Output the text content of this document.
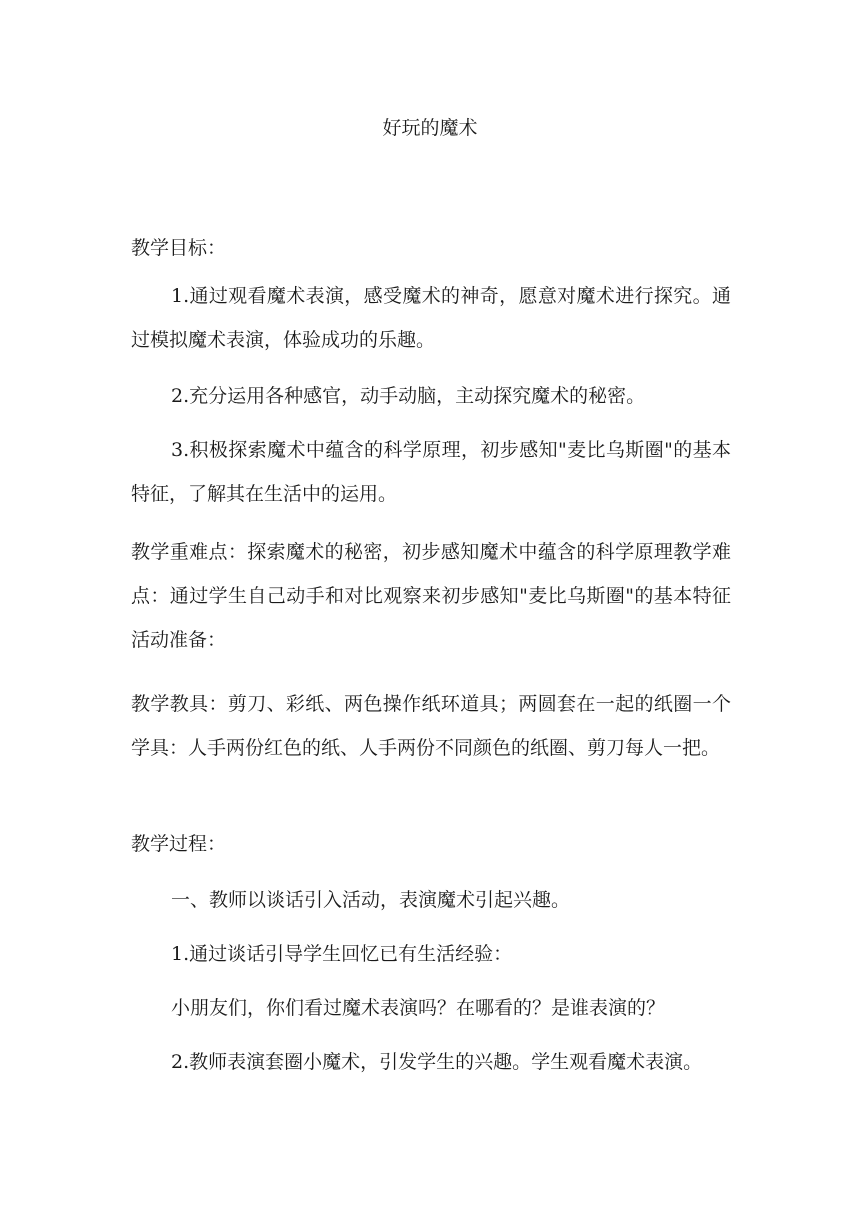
好玩的魔术

教学目标：

1.通过观看魔术表演，感受魔术的神奇，愿意对魔术进行探究。通过模拟魔术表演，体验成功的乐趣。

2.充分运用各种感官，动手动脑，主动探究魔术的秘密。

3.积极探索魔术中蕴含的科学原理，初步感知"麦比乌斯圈"的基本特征，了解其在生活中的运用。

教学重难点：探索魔术的秘密，初步感知魔术中蕴含的科学原理教学难点：通过学生自己动手和对比观察来初步感知"麦比乌斯圈"的基本特征活动准备：

教学教具：剪刀、彩纸、两色操作纸环道具；两圆套在一起的纸圈一个学具：人手两份红色的纸、人手两份不同颜色的纸圈、剪刀每人一把。

教学过程：

一、教师以谈话引入活动，表演魔术引起兴趣。

1.通过谈话引导学生回忆已有生活经验：

小朋友们，你们看过魔术表演吗？在哪看的？是谁表演的？

2.教师表演套圈小魔术，引发学生的兴趣。学生观看魔术表演。
